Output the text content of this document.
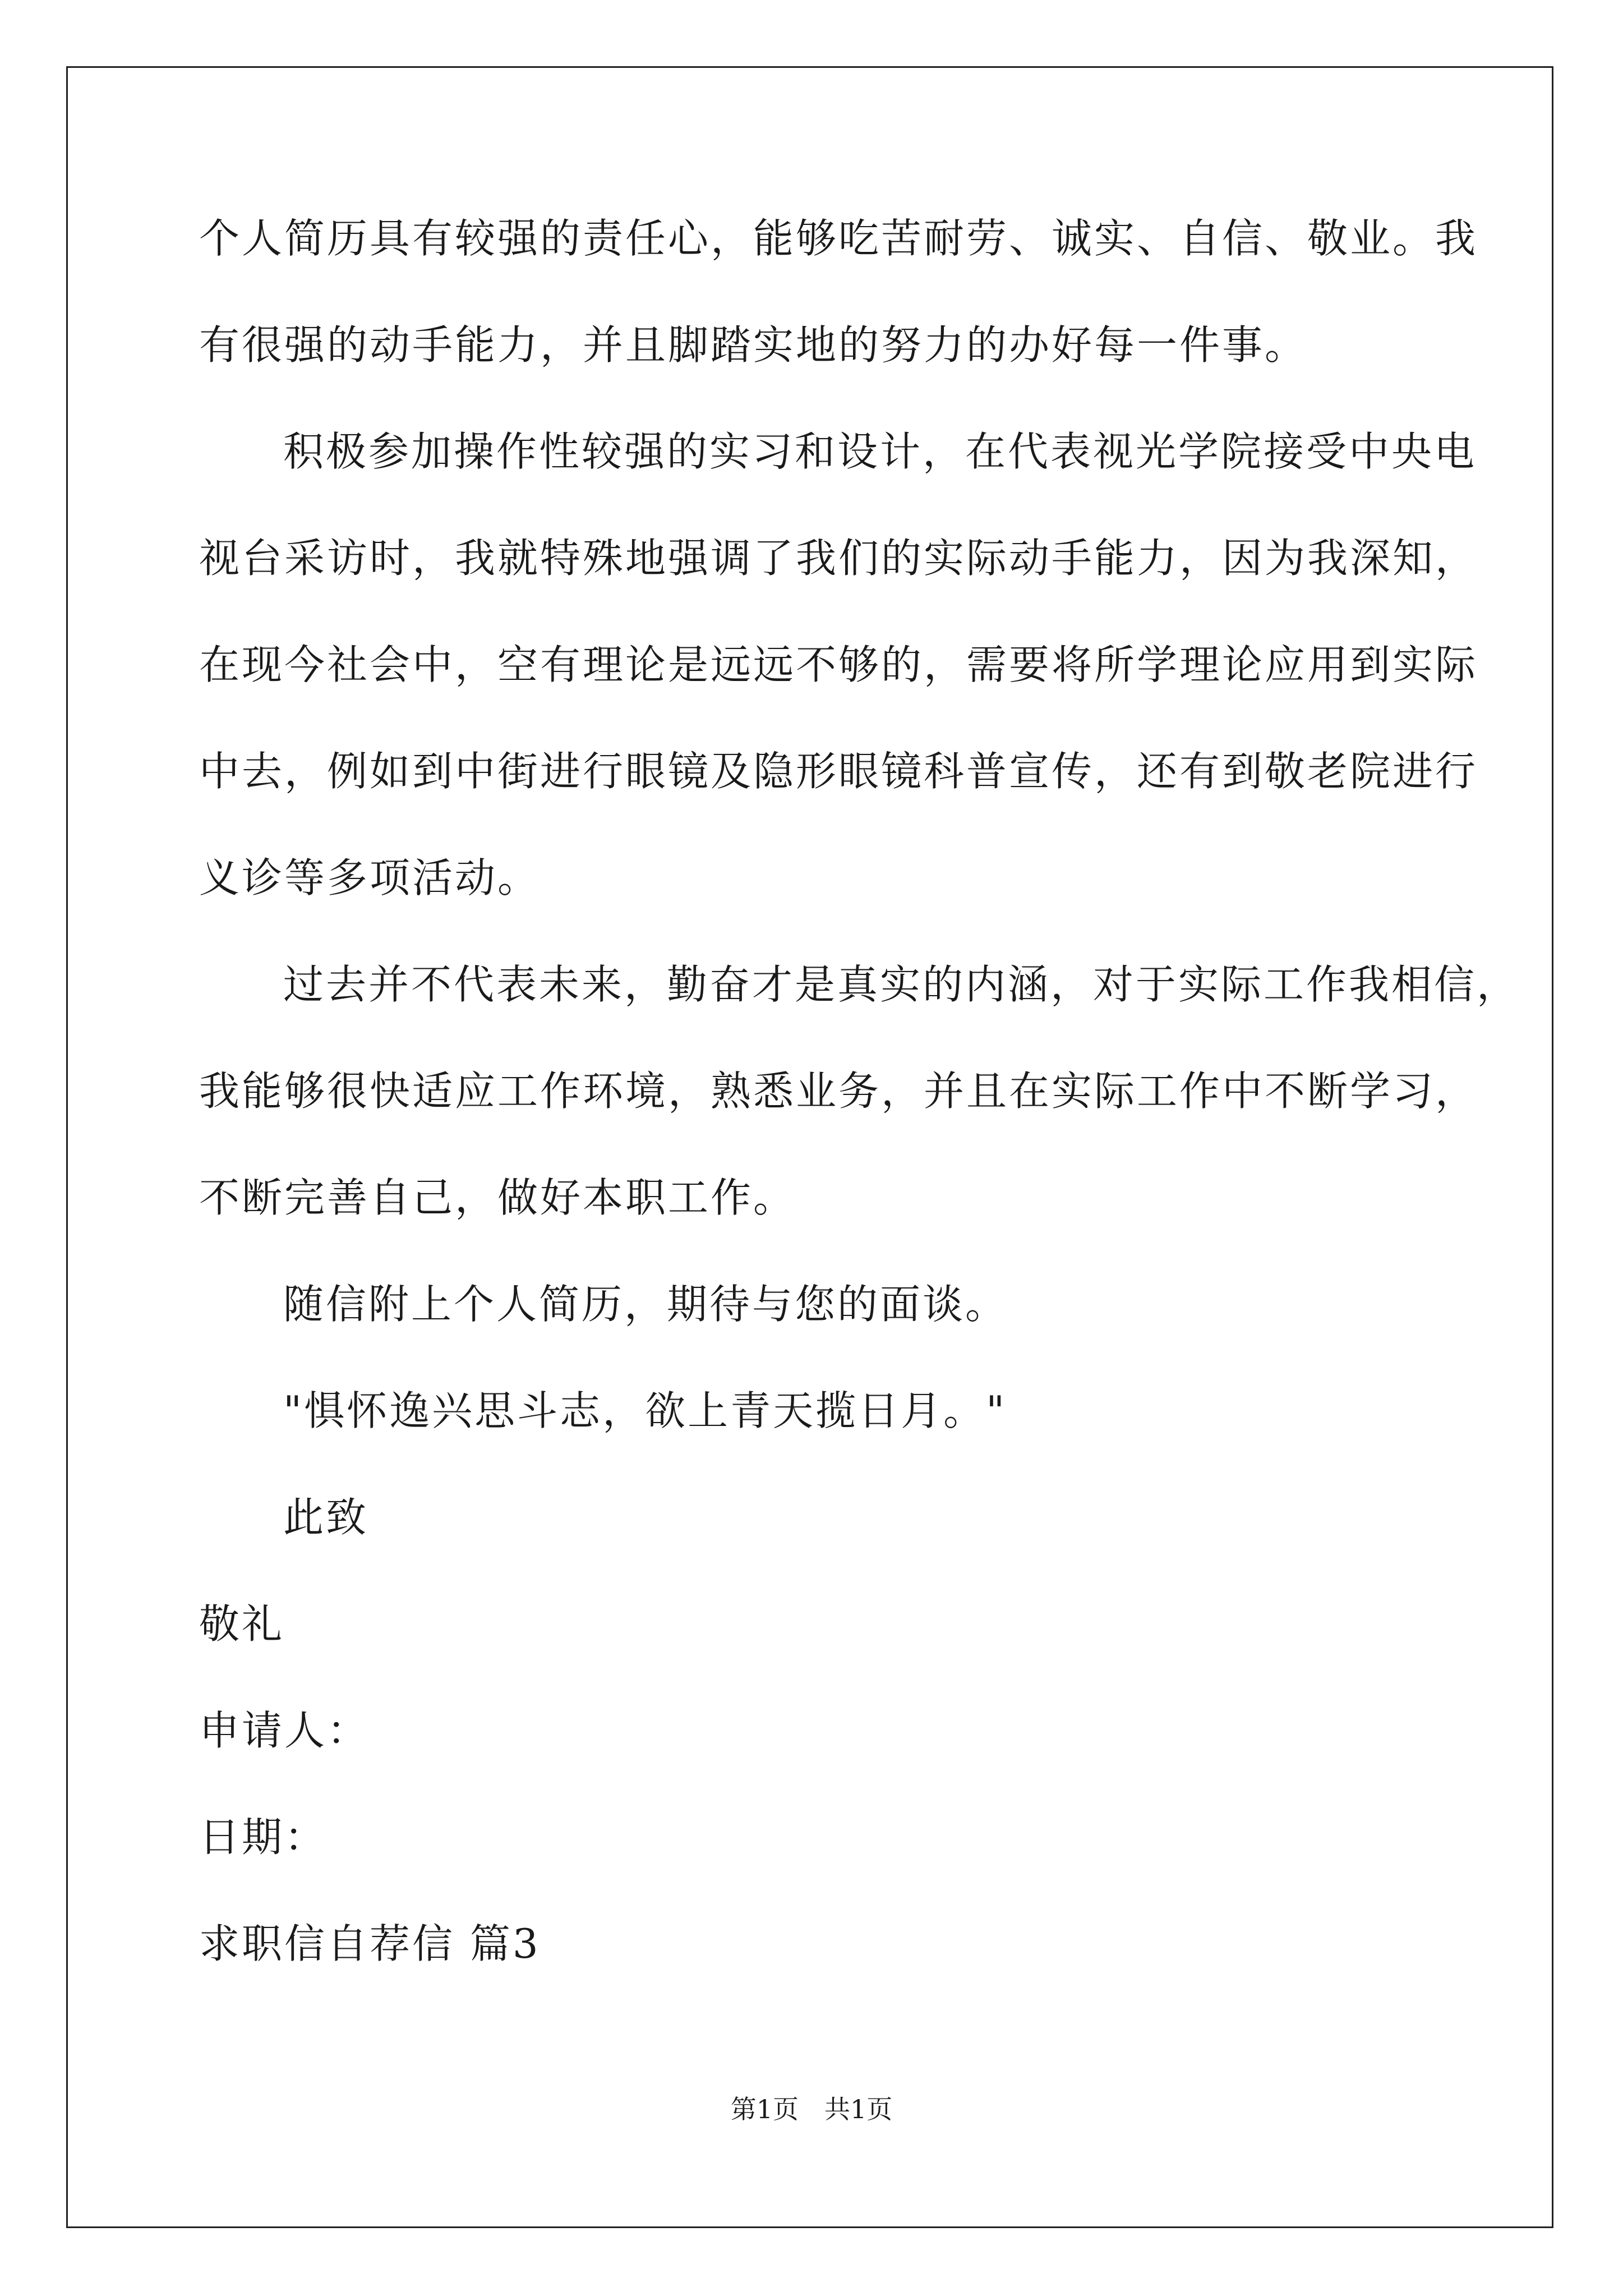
个人简历具有较强的责任心，能够吃苦耐劳、诚实、自信、敬业。我
有很强的动手能力，并且脚踏实地的努力的办好每一件事。
积极参加操作性较强的实习和设计，在代表视光学院接受中央电
视台采访时，我就特殊地强调了我们的实际动手能力，因为我深知，
在现今社会中，空有理论是远远不够的，需要将所学理论应用到实际
中去，例如到中街进行眼镜及隐形眼镜科普宣传，还有到敬老院进行
义诊等多项活动。
过去并不代表未来，勤奋才是真实的内涵，对于实际工作我相信，
我能够很快适应工作环境，熟悉业务，并且在实际工作中不断学习，
不断完善自己，做好本职工作。
随信附上个人简历，期待与您的面谈。
"惧怀逸兴思斗志，欲上青天揽日月。"
此致
敬礼
申请人：
日期：
求职信自荐信 篇3
第1页　共1页
